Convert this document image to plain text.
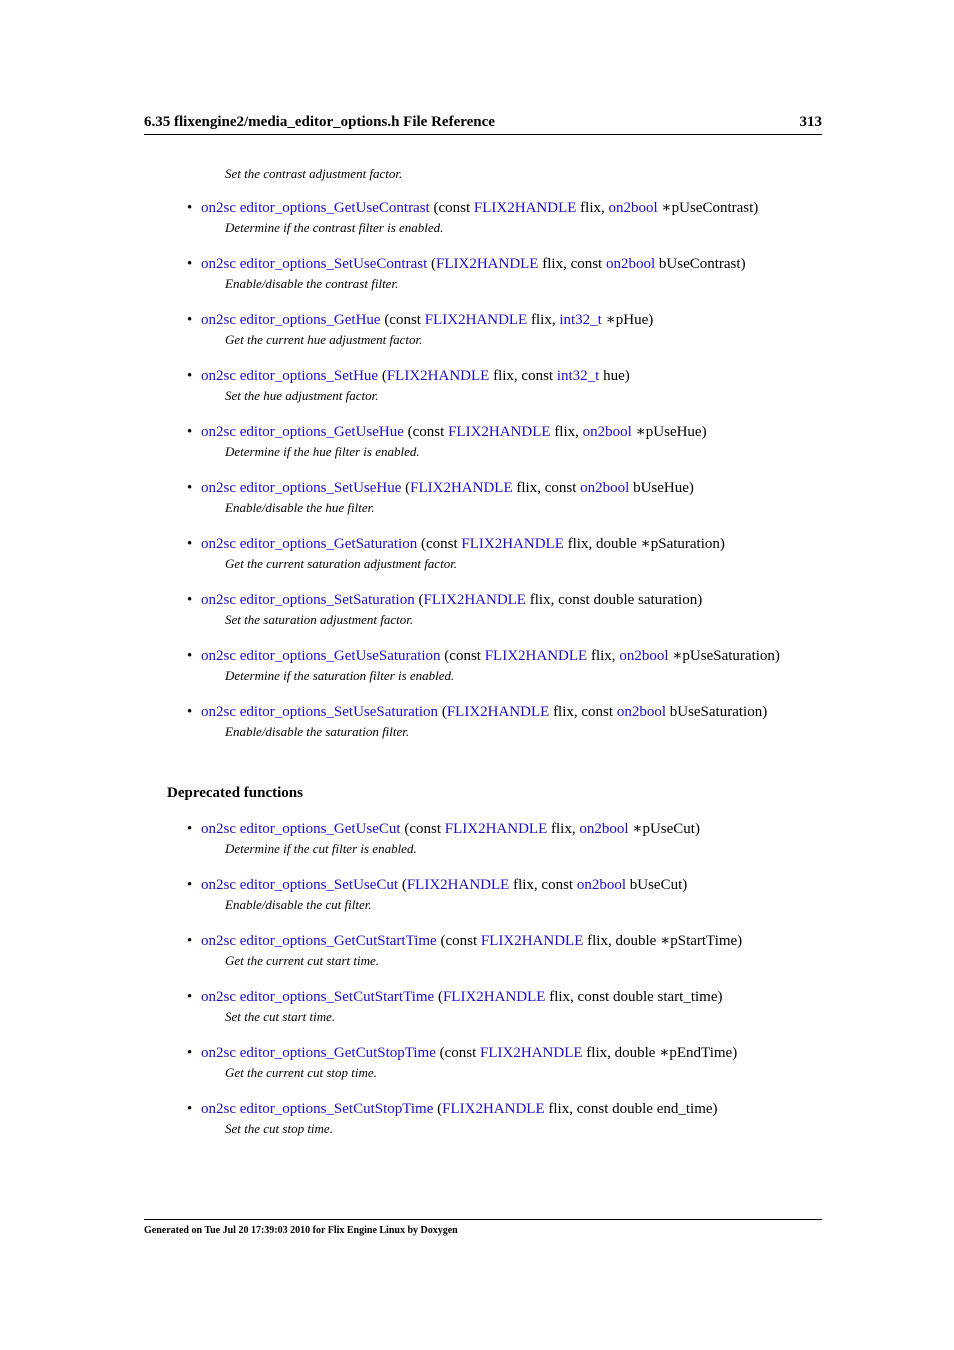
6.35 flixengine2/media_editor_options.h File Reference	313
Set the contrast adjustment factor.
• on2sc editor_options_GetUseContrast (const FLIX2HANDLE flix, on2bool ∗pUseContrast)
Determine if the contrast filter is enabled.
• on2sc editor_options_SetUseContrast (FLIX2HANDLE flix, const on2bool bUseContrast)
Enable/disable the contrast filter.
• on2sc editor_options_GetHue (const FLIX2HANDLE flix, int32_t ∗pHue)
Get the current hue adjustment factor.
• on2sc editor_options_SetHue (FLIX2HANDLE flix, const int32_t hue)
Set the hue adjustment factor.
• on2sc editor_options_GetUseHue (const FLIX2HANDLE flix, on2bool ∗pUseHue)
Determine if the hue filter is enabled.
• on2sc editor_options_SetUseHue (FLIX2HANDLE flix, const on2bool bUseHue)
Enable/disable the hue filter.
• on2sc editor_options_GetSaturation (const FLIX2HANDLE flix, double ∗pSaturation)
Get the current saturation adjustment factor.
• on2sc editor_options_SetSaturation (FLIX2HANDLE flix, const double saturation)
Set the saturation adjustment factor.
• on2sc editor_options_GetUseSaturation (const FLIX2HANDLE flix, on2bool ∗pUseSaturation)
Determine if the saturation filter is enabled.
• on2sc editor_options_SetUseSaturation (FLIX2HANDLE flix, const on2bool bUseSaturation)
Enable/disable the saturation filter.
Deprecated functions
• on2sc editor_options_GetUseCut (const FLIX2HANDLE flix, on2bool ∗pUseCut)
Determine if the cut filter is enabled.
• on2sc editor_options_SetUseCut (FLIX2HANDLE flix, const on2bool bUseCut)
Enable/disable the cut filter.
• on2sc editor_options_GetCutStartTime (const FLIX2HANDLE flix, double ∗pStartTime)
Get the current cut start time.
• on2sc editor_options_SetCutStartTime (FLIX2HANDLE flix, const double start_time)
Set the cut start time.
• on2sc editor_options_GetCutStopTime (const FLIX2HANDLE flix, double ∗pEndTime)
Get the current cut stop time.
• on2sc editor_options_SetCutStopTime (FLIX2HANDLE flix, const double end_time)
Set the cut stop time.
Generated on Tue Jul 20 17:39:03 2010 for Flix Engine Linux by Doxygen
